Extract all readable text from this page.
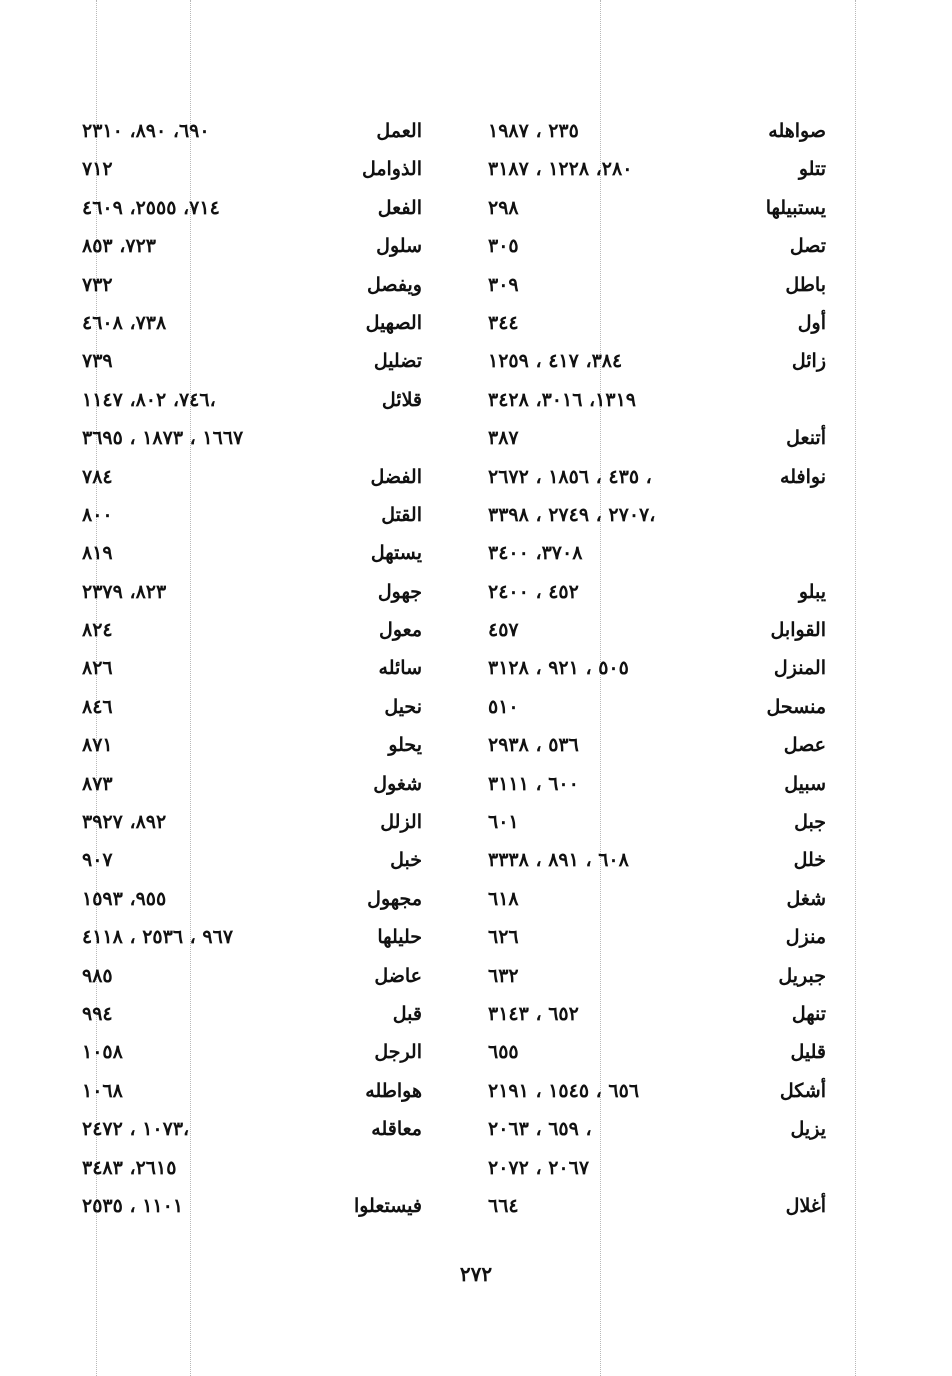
صواهله
٢٣٥ ، ١٩٨٧
العمل
٦٩٠، ٨٩٠، ٢٣١٠
تتلو
٢٨٠، ١٢٢٨ ، ٣١٨٧
الذوامل
٧١٢
يستبيلها
٢٩٨
الفعل
٧١٤، ٢٥٥٥، ٤٦٠٩
تصل
٣٠٥
سلول
٧٢٣، ٨٥٣
باطل
٣٠٩
ويفصل
٧٣٢
أول
٣٤٤
الصهيل
٧٣٨، ٤٦٠٨
زائل
٣٨٤، ٤١٧ ، ١٢٥٩
تضليل
٧٣٩
١٣١٩، ٣٠١٦، ٣٤٢٨
قلائل
٧٤٦، ٨٠٢، ١١٤٧،
أتنعل
٣٨٧
١٦٦٧ ، ١٨٧٣ ، ٣٦٩٥
نوافله
٤٣٥ ، ١٨٥٦ ، ٢٦٧٢ ،
الفضل
٧٨٤
٢٧٠٧ ، ٢٧٤٩ ، ٣٣٩٨،
القتل
٨٠٠
٣٧٠٨، ٣٤٠٠
يستهل
٨١٩
يبلو
٤٥٢ ، ٢٤٠٠
جهول
٨٢٣، ٢٣٧٩
القوابل
٤٥٧
معول
٨٢٤
المنزل
٥٠٥ ، ٩٢١ ، ٣١٢٨
سائله
٨٢٦
منسحل
٥١٠
نحيل
٨٤٦
عصل
٥٣٦ ، ٢٩٣٨
يحلو
٨٧١
سبيل
٦٠٠ ، ٣١١١
شغول
٨٧٣
جبل
٦٠١
الزلل
٨٩٢، ٣٩٢٧
خلل
٦٠٨ ، ٨٩١ ، ٣٣٣٨
خبل
٩٠٧
شغل
٦١٨
مجهول
٩٥٥، ١٥٩٣
منزل
٦٢٦
حليلها
٩٦٧ ، ٢٥٣٦ ، ٤١١٨
جبريل
٦٣٢
عاضل
٩٨٥
تنهل
٦٥٢ ، ٣١٤٣
قبل
٩٩٤
قليل
٦٥٥
الرجل
١٠٥٨
أشكل
٦٥٦ ، ١٥٤٥ ، ٢١٩١
هواطله
١٠٦٨
يزيل
٦٥٩ ، ٢٠٦٣ ،
معاقله
١٠٧٣ ، ٢٤٧٢،
٢٠٦٧ ، ٢٠٧٢
٢٦١٥، ٣٤٨٣
أغلال
٦٦٤
فيستعلوا
١١٠١ ، ٢٥٣٥
٢٧٢
